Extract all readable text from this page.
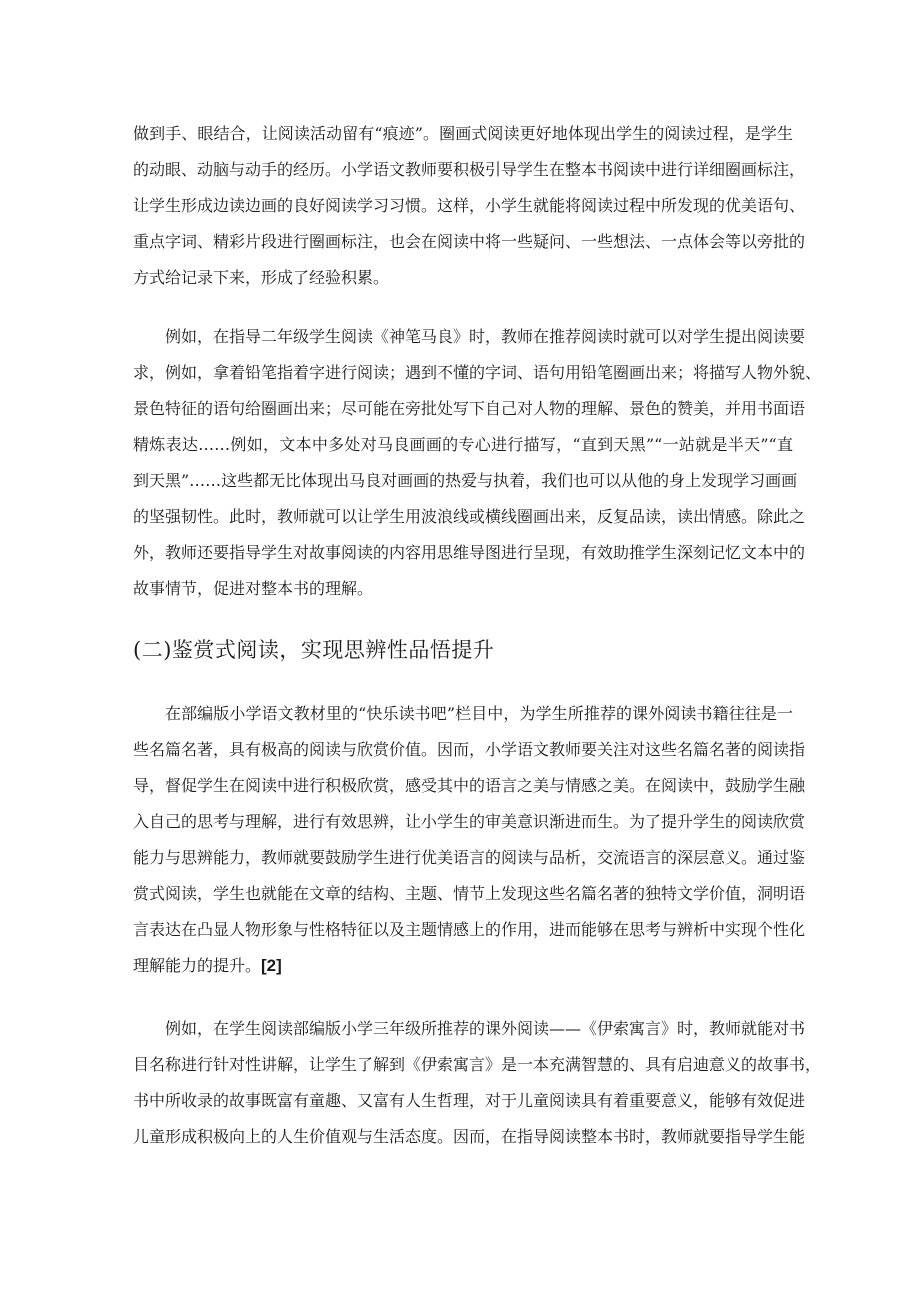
做到手、眼结合，让阅读活动留有“痕迹”。圈画式阅读更好地体现出学生的阅读过程，是学生
的动眼、动脑与动手的经历。小学语文教师要积极引导学生在整本书阅读中进行详细圈画标注，
让学生形成边读边画的良好阅读学习习惯。这样，小学生就能将阅读过程中所发现的优美语句、
重点字词、精彩片段进行圈画标注，也会在阅读中将一些疑问、一些想法、一点体会等以旁批的
方式给记录下来，形成了经验积累。

例如，在指导二年级学生阅读《神笔马良》时，教师在推荐阅读时就可以对学生提出阅读要
求，例如，拿着铅笔指着字进行阅读；遇到不懂的字词、语句用铅笔圈画出来；将描写人物外貌、
景色特征的语句给圈画出来；尽可能在旁批处写下自己对人物的理解、景色的赞美，并用书面语
精炼表达……例如，文本中多处对马良画画的专心进行描写，“直到天黑”“一站就是半天”“直
到天黑”……这些都无比体现出马良对画画的热爱与执着，我们也可以从他的身上发现学习画画
的坚强韧性。此时，教师就可以让学生用波浪线或横线圈画出来，反复品读，读出情感。除此之
外，教师还要指导学生对故事阅读的内容用思维导图进行呈现，有效助推学生深刻记忆文本中的
故事情节，促进对整本书的理解。

(二)鉴赏式阅读，实现思辨性品悟提升

在部编版小学语文教材里的“快乐读书吧”栏目中，为学生所推荐的课外阅读书籍往往是一
些名篇名著，具有极高的阅读与欣赏价值。因而，小学语文教师要关注对这些名篇名著的阅读指
导，督促学生在阅读中进行积极欣赏，感受其中的语言之美与情感之美。在阅读中，鼓励学生融
入自己的思考与理解，进行有效思辨，让小学生的审美意识渐进而生。为了提升学生的阅读欣赏
能力与思辨能力，教师就要鼓励学生进行优美语言的阅读与品析，交流语言的深层意义。通过鉴
赏式阅读，学生也就能在文章的结构、主题、情节上发现这些名篇名著的独特文学价值，洞明语
言表达在凸显人物形象与性格特征以及主题情感上的作用，进而能够在思考与辨析中实现个性化
理解能力的提升。[2]

例如，在学生阅读部编版小学三年级所推荐的课外阅读——《伊索寓言》时，教师就能对书
目名称进行针对性讲解，让学生了解到《伊索寓言》是一本充满智慧的、具有启迪意义的故事书，
书中所收录的故事既富有童趣、又富有人生哲理，对于儿童阅读具有着重要意义，能够有效促进
儿童形成积极向上的人生价值观与生活态度。因而，在指导阅读整本书时，教师就要指导学生能
